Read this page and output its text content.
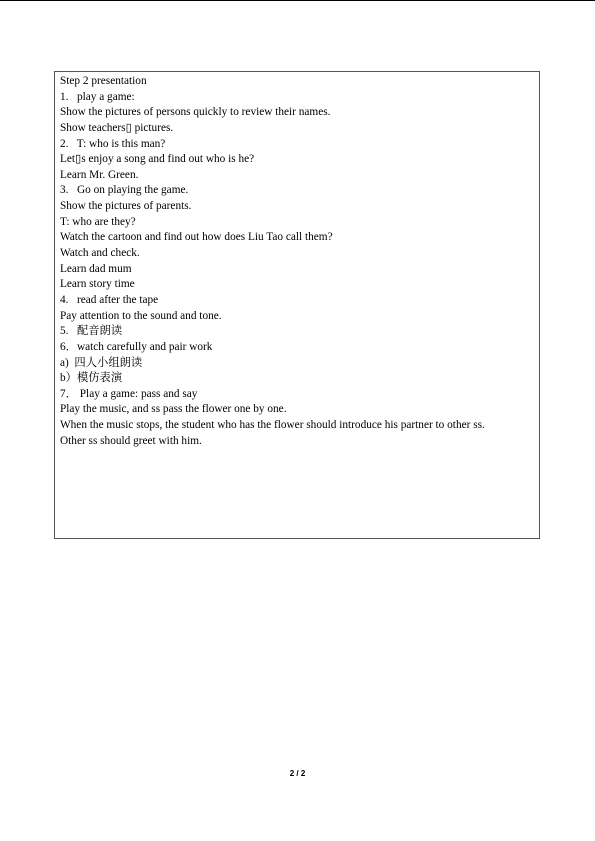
Step 2 presentation
1.   play a game:
Show the pictures of persons quickly to review their names.
Show teachers▯ pictures.
2.   T: who is this man?
Let▯s enjoy a song and find out who is he?
Learn Mr. Green.
3.   Go on playing the game.
Show the pictures of parents.
T: who are they?
Watch the cartoon and find out how does Liu Tao call them?
Watch and check.
Learn dad mum
Learn story time
4.   read after the tape
Pay attention to the sound and tone.
5.   配音朗读
6．watch carefully and pair work
a)  四人小组朗读
b）模仿表演
7． Play a game: pass and say
Play the music, and ss pass the flower one by one.
When the music stops, the student who has the flower should introduce his partner to other ss.
Other ss should greet with him.
2 / 2
